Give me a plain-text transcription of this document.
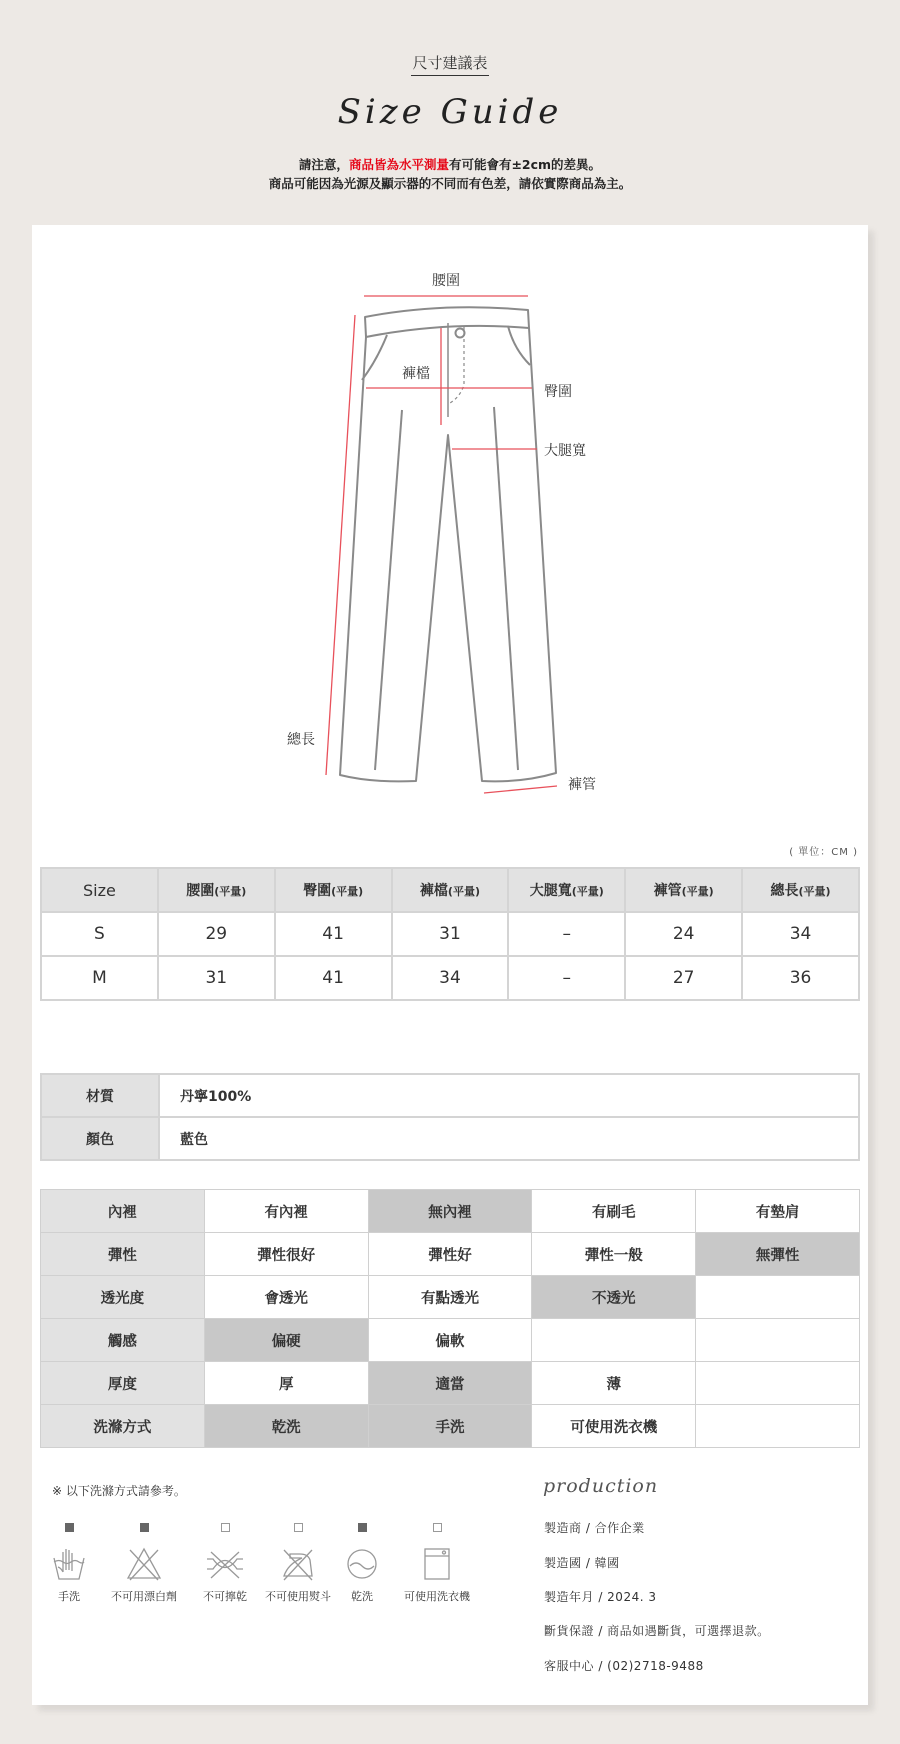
尺寸建議表
Size Guide
請注意，商品皆為水平測量有可能會有±2cm的差異。
商品可能因為光源及顯示器的不同而有色差，請依實際商品為主。
腰圍
褲檔
臀圍
大腿寬
總長
褲管
( 單位：CM )
Size	腰圍(平量)	臀圍(平量)	褲檔(平量)	大腿寬(平量)	褲管(平量)	總長(平量)
S	29	41	31	–	24	34
M	31	41	34	–	27	36
材質	丹寧100%
顏色	藍色
內裡	有內裡	無內裡	有刷毛	有墊肩
彈性	彈性很好	彈性好	彈性一般	無彈性
透光度	會透光	有點透光	不透光	
觸感	偏硬	偏軟		
厚度	厚	適當	薄	
洗滌方式	乾洗	手洗	可使用洗衣機	
※ 以下洗滌方式請參考。
手洗	不可用漂白劑	不可擰乾	不可使用熨斗	乾洗	可使用洗衣機
production
製造商 / 合作企業
製造國 / 韓國
製造年月 / 2024. 3
斷貨保證 / 商品如遇斷貨，可選擇退款。
客服中心 / (02)2718-9488
